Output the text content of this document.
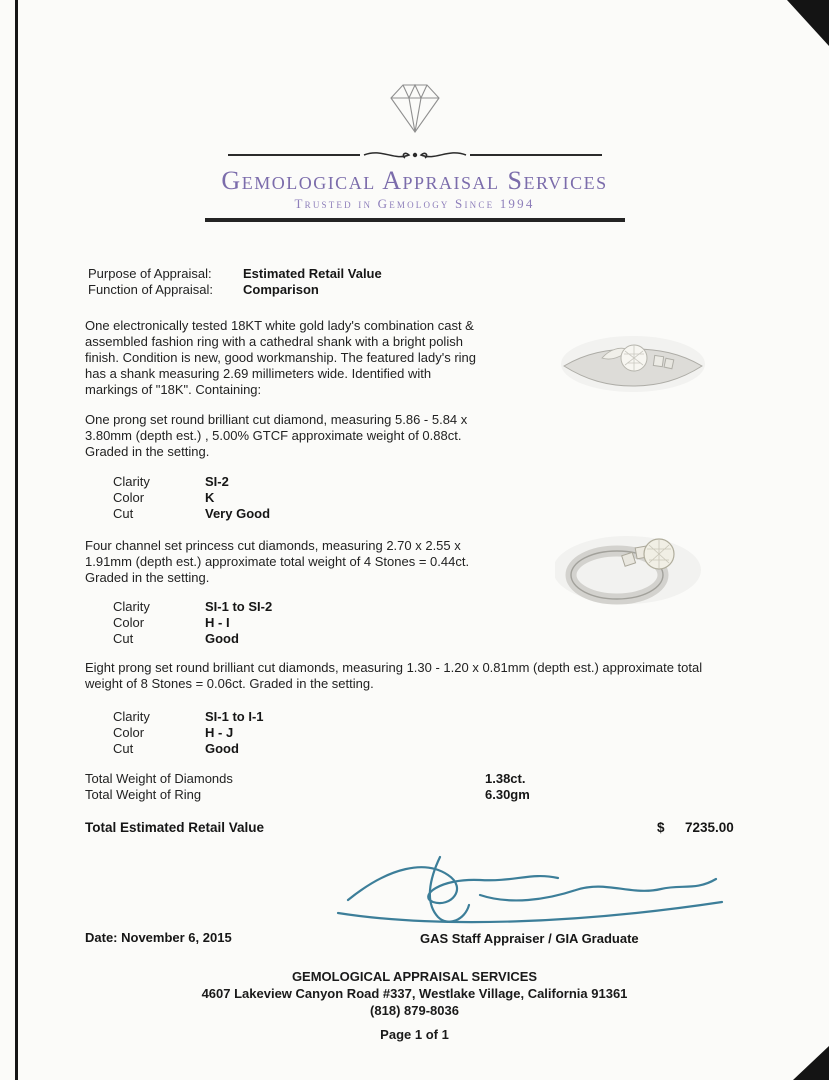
Gemological Appraisal Services
Trusted in Gemology Since 1994
Purpose of Appraisal: Estimated Retail Value
Function of Appraisal: Comparison
One electronically tested 18KT white gold lady's combination cast & assembled fashion ring with a cathedral shank with a bright polish finish. Condition is new, good workmanship. The featured lady's ring has a shank measuring 2.69 millimeters wide. Identified with markings of "18K". Containing:
One prong set round brilliant cut diamond, measuring 5.86 - 5.84 x 3.80mm (depth est.) , 5.00% GTCF approximate weight of 0.88ct. Graded in the setting.
Clarity	SI-2
Color	K
Cut	Very Good
Four channel set princess cut diamonds, measuring 2.70 x 2.55 x 1.91mm (depth est.) approximate total weight of 4 Stones = 0.44ct. Graded in the setting.
Clarity	SI-1 to SI-2
Color	H - I
Cut	Good
Eight prong set round brilliant cut diamonds, measuring 1.30 - 1.20 x 0.81mm (depth est.) approximate total weight of 8 Stones = 0.06ct. Graded in the setting.
Clarity	SI-1 to I-1
Color	H - J
Cut	Good
Total Weight of Diamonds	1.38ct.
Total Weight of Ring	6.30gm
Total Estimated Retail Value	$ 7235.00
Date: November 6, 2015	GAS Staff Appraiser / GIA Graduate
GEMOLOGICAL APPRAISAL SERVICES
4607 Lakeview Canyon Road #337, Westlake Village, California 91361
(818) 879-8036
Page 1 of 1
